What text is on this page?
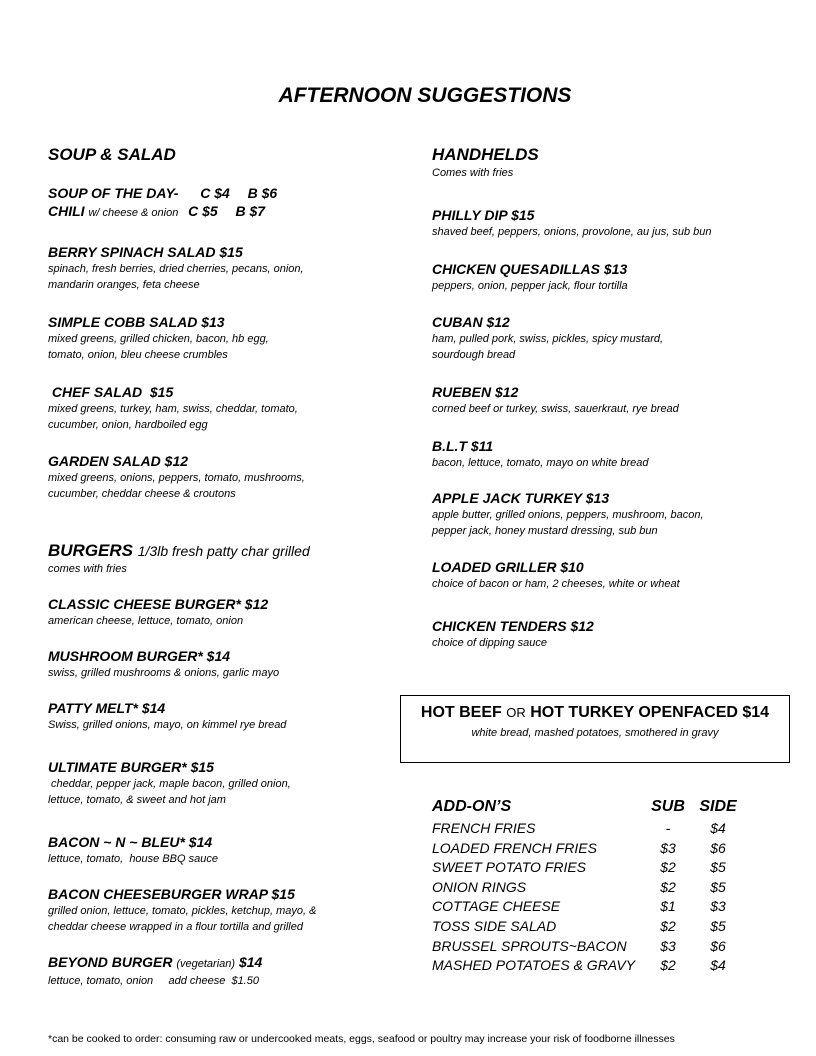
AFTERNOON SUGGESTIONS
SOUP & SALAD
SOUP OF THE DAY- C $4 B $6
CHILI w/ cheese & onion C $5 B $7
BERRY SPINACH SALAD $15
spinach, fresh berries, dried cherries, pecans, onion,
mandarin oranges, feta cheese
SIMPLE COBB SALAD $13
mixed greens, grilled chicken, bacon, hb egg,
tomato, onion, bleu cheese crumbles
CHEF SALAD  $15
mixed greens, turkey, ham, swiss, cheddar, tomato,
cucumber, onion, hardboiled egg
GARDEN SALAD $12
mixed greens, onions, peppers, tomato, mushrooms,
cucumber, cheddar cheese & croutons
BURGERS 1/3lb fresh patty char grilled
comes with fries
CLASSIC CHEESE BURGER* $12
american cheese, lettuce, tomato, onion
MUSHROOM BURGER* $14
swiss, grilled mushrooms & onions, garlic mayo
PATTY MELT* $14
Swiss, grilled onions, mayo, on kimmel rye bread
ULTIMATE BURGER* $15
cheddar, pepper jack, maple bacon, grilled onion,
lettuce, tomato, & sweet and hot jam
BACON ~ N ~ BLEU* $14
lettuce, tomato,  house BBQ sauce
BACON CHEESEBURGER WRAP $15
grilled onion, lettuce, tomato, pickles, ketchup, mayo, &
cheddar cheese wrapped in a flour tortilla and grilled
BEYOND BURGER (vegetarian) $14
lettuce, tomato, onion     add cheese  $1.50
HANDHELDS
Comes with fries
PHILLY DIP $15
shaved beef, peppers, onions, provolone, au jus, sub bun
CHICKEN QUESADILLAS $13
peppers, onion, pepper jack, flour tortilla
CUBAN $12
ham, pulled pork, swiss, pickles, spicy mustard,
sourdough bread
RUEBEN $12
corned beef or turkey, swiss, sauerkraut, rye bread
B.L.T $11
bacon, lettuce, tomato, mayo on white bread
APPLE JACK TURKEY $13
apple butter, grilled onions, peppers, mushroom, bacon,
pepper jack, honey mustard dressing, sub bun
LOADED GRILLER $10
choice of bacon or ham, 2 cheeses, white or wheat
CHICKEN TENDERS $12
choice of dipping sauce
HOT BEEF OR HOT TURKEY OPENFACED $14
white bread, mashed potatoes, smothered in gravy
ADD-ON’S	SUB SIDE
FRENCH FRIES	-	$4
LOADED FRENCH FRIES	$3	$6
SWEET POTATO FRIES	$2	$5
ONION RINGS	$2	$5
COTTAGE CHEESE	$1	$3
TOSS SIDE SALAD	$2	$5
BRUSSEL SPROUTS~BACON	$3	$6
MASHED POTATOES & GRAVY	$2	$4
*can be cooked to order: consuming raw or undercooked meats, eggs, seafood or poultry may increase your risk of foodborne illnesses
